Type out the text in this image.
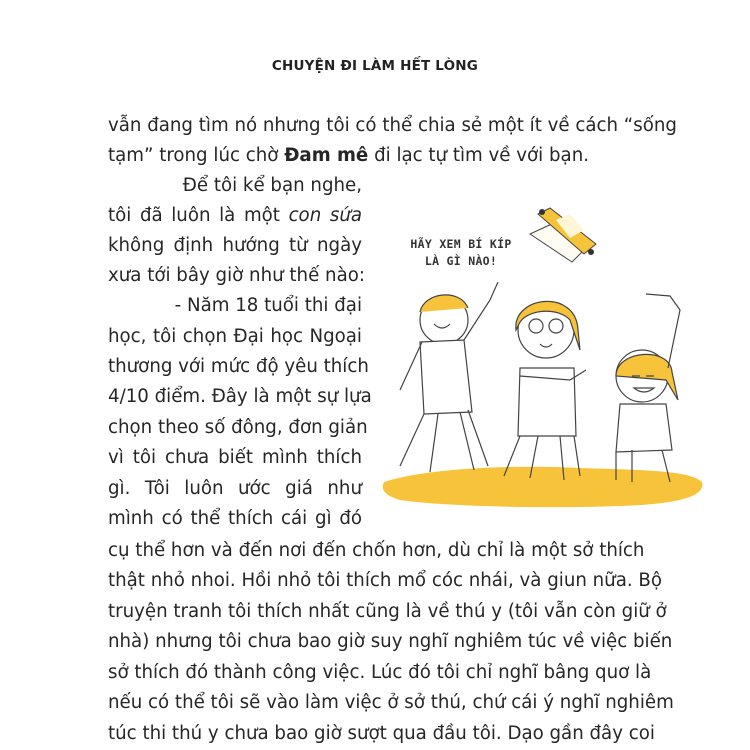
CHUYỆN ĐI LÀM HẾT LÒNG
vẫn đang tìm nó nhưng tôi có thể chia sẻ một ít về cách “sống
tạm” trong lúc chờ Đam mê đi lạc tự tìm về với bạn.
Để tôi kể bạn nghe,
tôi đã luôn là một con sứa
không định hướng từ ngày
xưa tới bây giờ như thế nào:
- Năm 18 tuổi thi đại
học, tôi chọn Đại học Ngoại
thương với mức độ yêu thích
4/10 điểm. Đây là một sự lựa
chọn theo số đông, đơn giản
vì tôi chưa biết mình thích
gì. Tôi luôn ước giá như
mình có thể thích cái gì đó
cụ thể hơn và đến nơi đến chốn hơn, dù chỉ là một sở thích
thật nhỏ nhoi. Hồi nhỏ tôi thích mổ cóc nhái, và giun nữa. Bộ
truyện tranh tôi thích nhất cũng là về thú y (tôi vẫn còn giữ ở
nhà) nhưng tôi chưa bao giờ suy nghĩ nghiêm túc về việc biến
sở thích đó thành công việc. Lúc đó tôi chỉ nghĩ bâng quơ là
nếu có thể tôi sẽ vào làm việc ở sở thú, chứ cái ý nghĩ nghiêm
túc thi thú y chưa bao giờ sượt qua đầu tôi. Dạo gần đây coi
HÃY XEM BÍ KÍP
LÀ GÌ NÀO!
